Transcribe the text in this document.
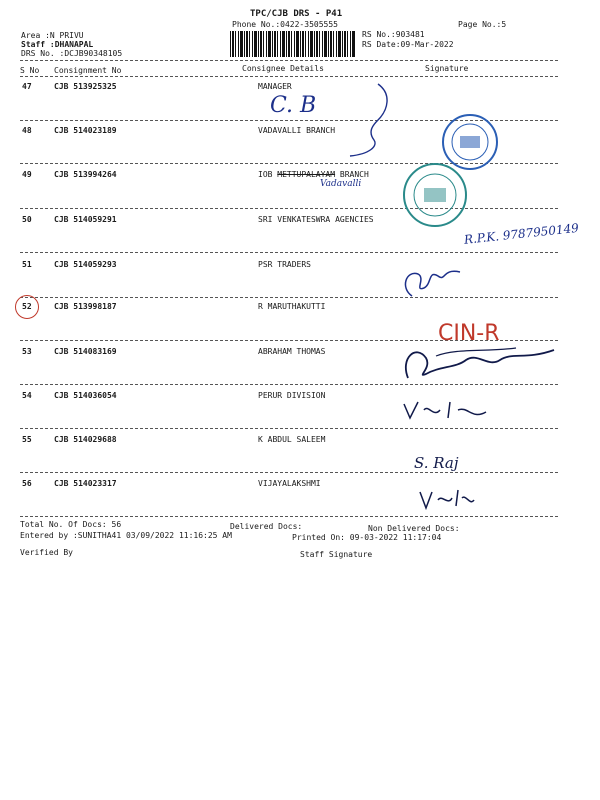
TPC/CJB DRS - P41
Phone No.:0422-3505555	Page No.:5
Area :N PRIVU
Staff :DHANAPAL
DRS No. :DCJB90348105
RS No.:903481
RS Date:09-Mar-2022
S No Consignment No	Consignee Details	Signature
47	CJB 513925325	MANAGER
48	CJB 514023189	VADAVALLI BRANCH
49	CJB 513994264	IOB METTUPALAYAM BRANCH
Vadavalli
50	CJB 514059291	SRI VENKATESWRA AGENCIES
51	CJB 514059293	PSR TRADERS
52	CJB 513998187	R MARUTHAKUTTI
53	CJB 514083169	ABRAHAM THOMAS
54	CJB 514036054	PERUR DIVISION
55	CJB 514029688	K ABDUL SALEEM
56	CJB 514023317	VIJAYALAKSHMI
Total No. Of Docs: 56	Delivered Docs:	Non Delivered Docs:
Entered by :SUNITHA41 03/09/2022 11:16:25 AM	Printed On: 09-03-2022 11:17:04
Verified By	Staff Signature
C. B
R.P.K. 9787950149
CIN-R
S. Raj
